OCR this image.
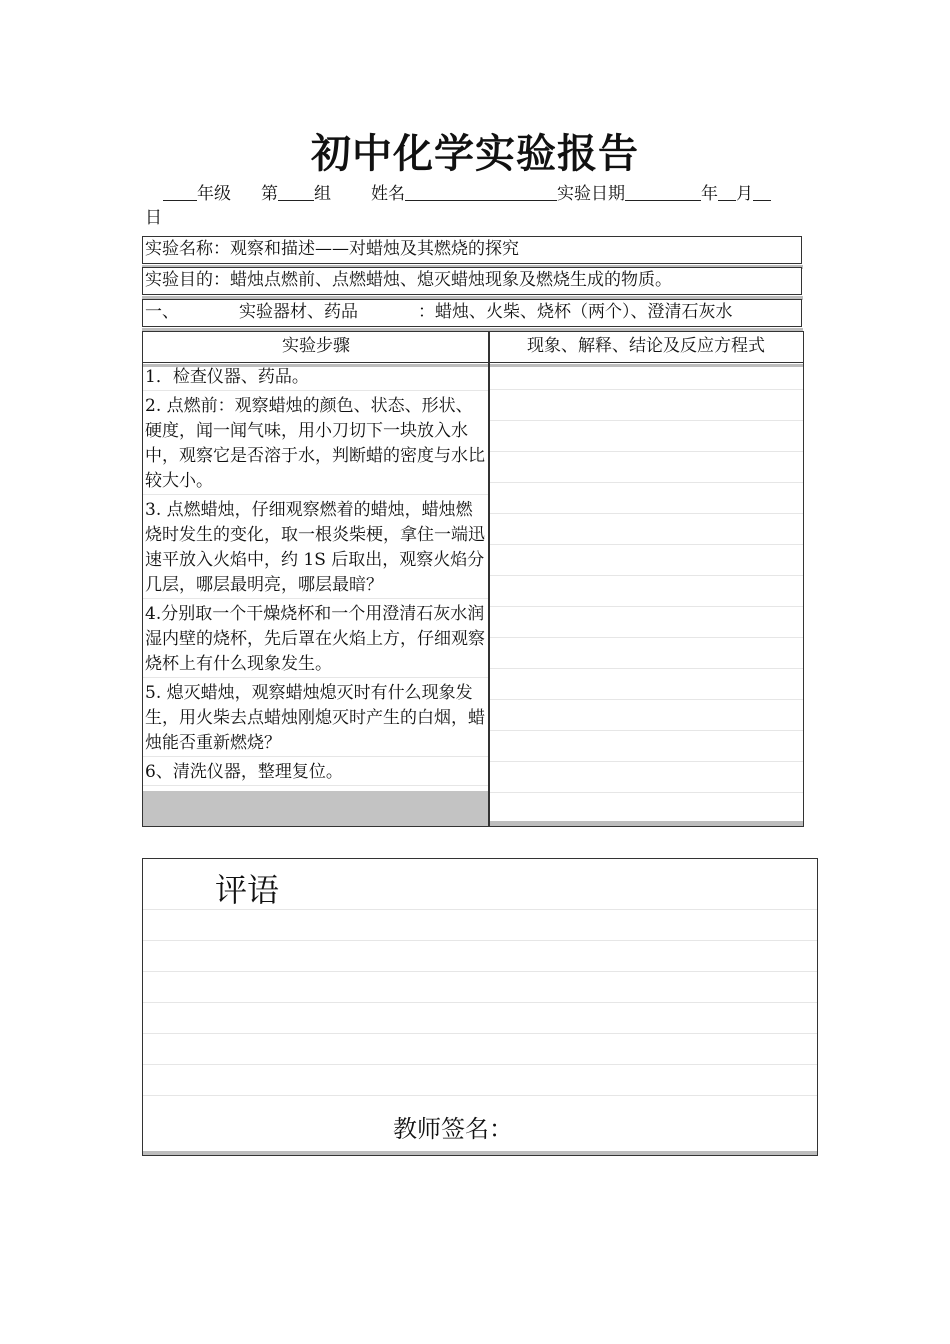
初中化学实验报告
年级 第 组 姓名	实验日期	年 月
日
实验名称：观察和描述——对蜡烛及其燃烧的探究
实验目的：蜡烛点燃前、点燃蜡烛、熄灭蜡烛现象及燃烧生成的物质。
一、	实验器材、药品	：蜡烛、火柴、烧杯（两个）、澄清石灰水
实验步骤	现象、解释、结论及反应方程式
1．检查仪器、药品。
2. 点燃前：观察蜡烛的颜色、状态、形状、硬度，闻一闻气味，用小刀切下一块放入水中，观察它是否溶于水，判断蜡的密度与水比较大小。
3. 点燃蜡烛，仔细观察燃着的蜡烛，蜡烛燃烧时发生的变化，取一根炎柴梗，拿住一端迅速平放入火焰中，约 1S 后取出，观察火焰分几层，哪层最明亮，哪层最暗？
4.分别取一个干燥烧杯和一个用澄清石灰水润湿内壁的烧杯，先后罩在火焰上方，仔细观察烧杯上有什么现象发生。
5. 熄灭蜡烛，观察蜡烛熄灭时有什么现象发生，用火柴去点蜡烛刚熄灭时产生的白烟，蜡烛能否重新燃烧？
6、清洗仪器，整理复位。
评语
教师签名：
